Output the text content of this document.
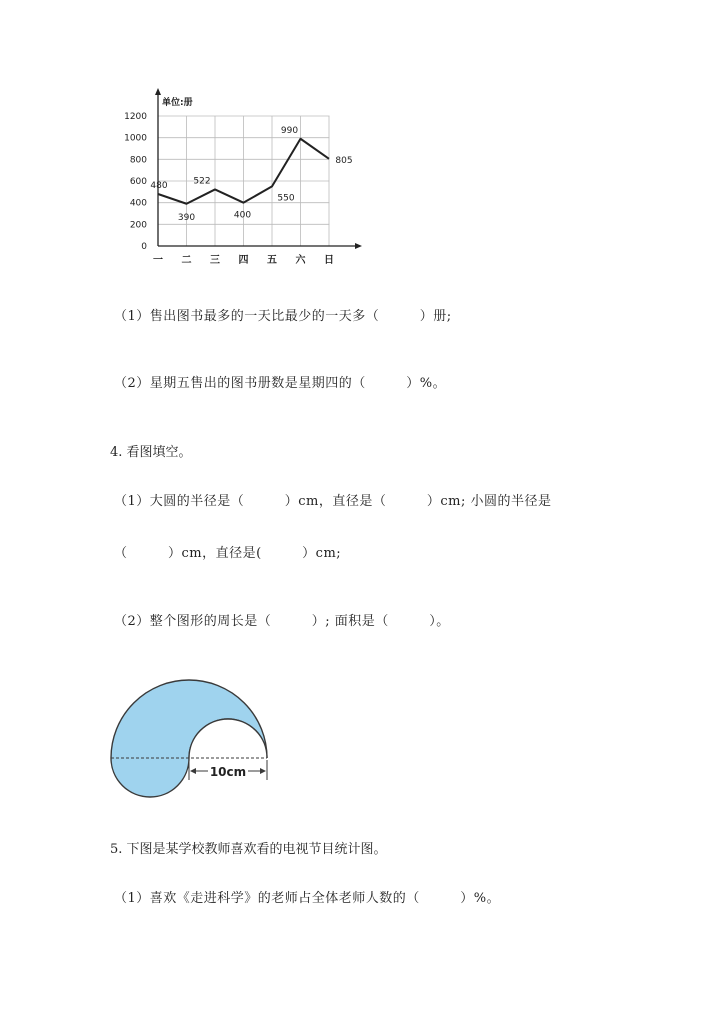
单位:册
0
200
400
600
800
1000
1200
一 二 三 四 五 六 日
480
390
522
400
550
990
805
（1）售出图书最多的一天比最少的一天多（　　　）册;
（2）星期五售出的图书册数是星期四的（　　　）%。
4. 看图填空。
（1）大圆的半径是（　　　）cm，直径是（　　　）cm; 小圆的半径是
（　　　）cm，直径是(　　　）cm;
（2）整个图形的周长是（　　　）; 面积是（　　　）。
10cm
5. 下图是某学校教师喜欢看的电视节目统计图。
（1）喜欢《走进科学》的老师占全体老师人数的（　　　）%。
